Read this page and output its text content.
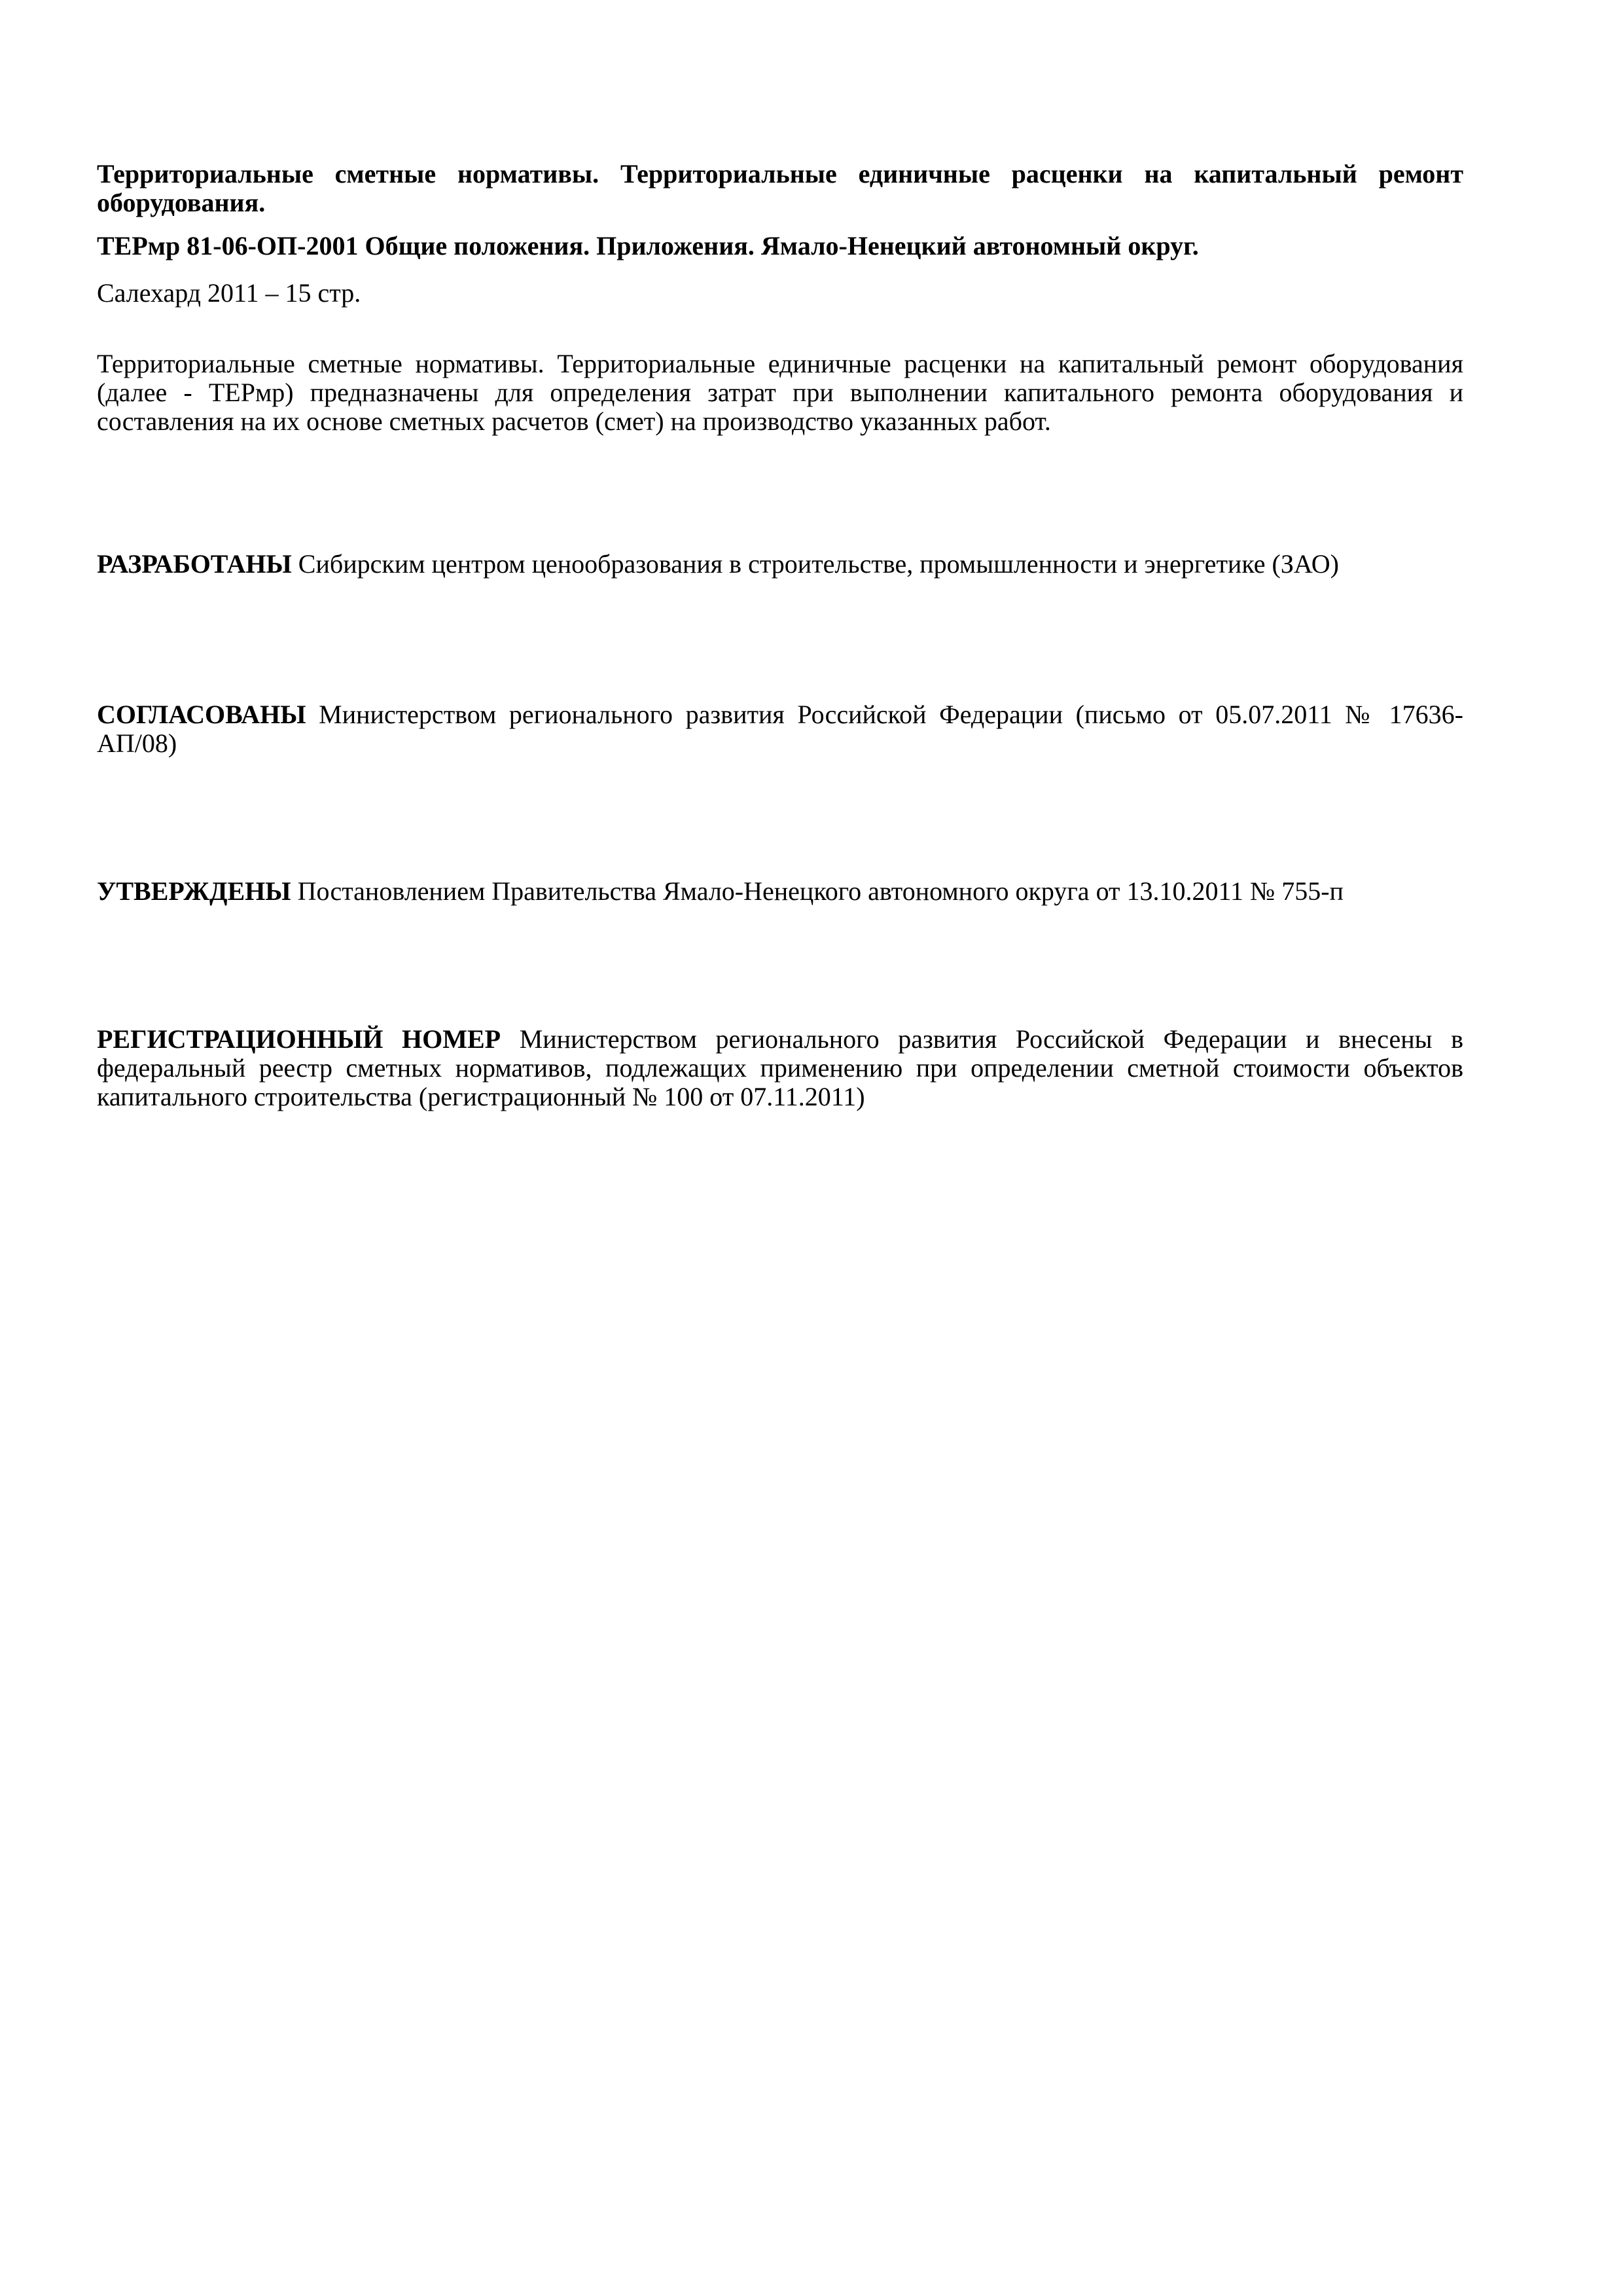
Территориальные сметные нормативы. Территориальные единичные расценки на капитальный ремонт оборудования.

ТЕРмр 81-06-ОП-2001 Общие положения. Приложения. Ямало-Ненецкий автономный округ.

Салехард 2011 – 15 стр.

Территориальные сметные нормативы. Территориальные единичные расценки на капитальный ремонт оборудования (далее - ТЕРмр) предназначены для определения затрат при выполнении капитального ремонта оборудования и составления на их основе сметных расчетов (смет) на производство указанных работ.

РАЗРАБОТАНЫ Сибирским центром ценообразования в строительстве, промышленности и энергетике (ЗАО)

СОГЛАСОВАНЫ Министерством регионального развития Российской Федерации (письмо от 05.07.2011 № 17636-АП/08)

УТВЕРЖДЕНЫ Постановлением Правительства Ямало-Ненецкого автономного округа от 13.10.2011 № 755-п

РЕГИСТРАЦИОННЫЙ НОМЕР Министерством регионального развития Российской Федерации и внесены в федеральный реестр сметных нормативов, подлежащих применению при определении сметной стоимости объектов капитального строительства (регистрационный № 100 от 07.11.2011)
